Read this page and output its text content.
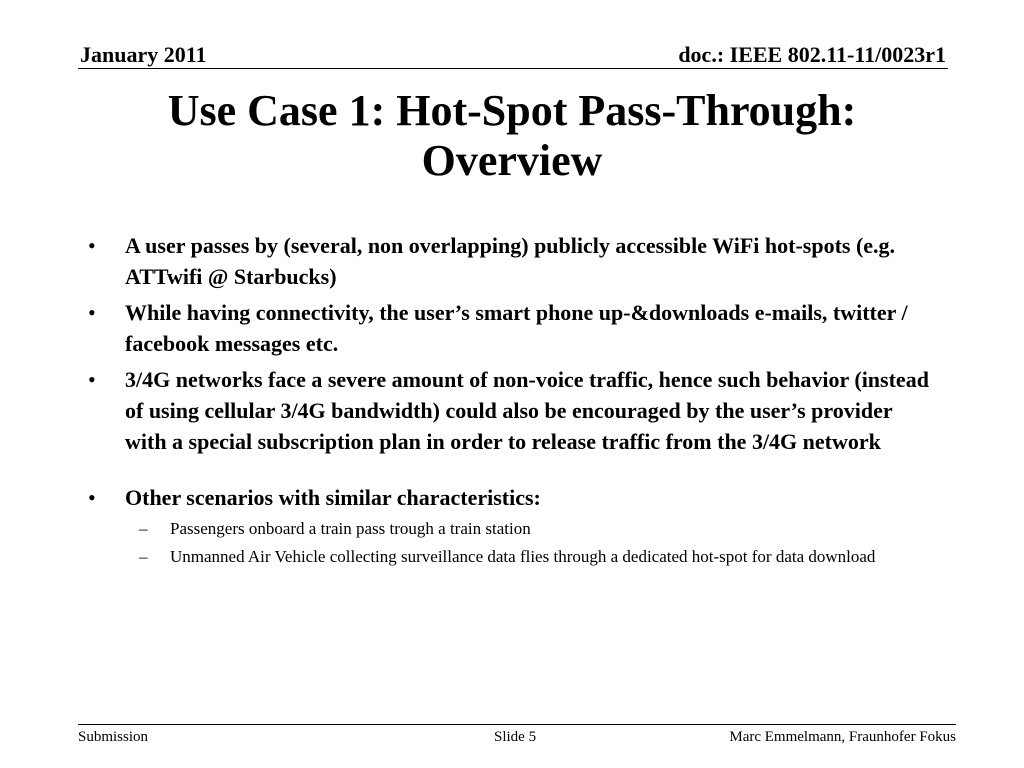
January 2011	doc.: IEEE 802.11-11/0023r1
Use Case 1: Hot-Spot Pass-Through:
Overview
• A user passes by (several, non overlapping) publicly accessible WiFi hot-spots (e.g. ATTwifi @ Starbucks)
• While having connectivity, the user’s smart phone up-&downloads e-mails, twitter / facebook messages etc.
• 3/4G networks face a severe amount of non-voice traffic, hence such behavior (instead of using cellular 3/4G bandwidth) could also be encouraged by the user’s provider with a special subscription plan in order to release traffic from the 3/4G network
• Other scenarios with similar characteristics:
– Passengers onboard a train pass trough a train station
– Unmanned Air Vehicle collecting surveillance data flies through a dedicated hot-spot for data download
Submission	Slide 5	Marc Emmelmann, Fraunhofer Fokus
